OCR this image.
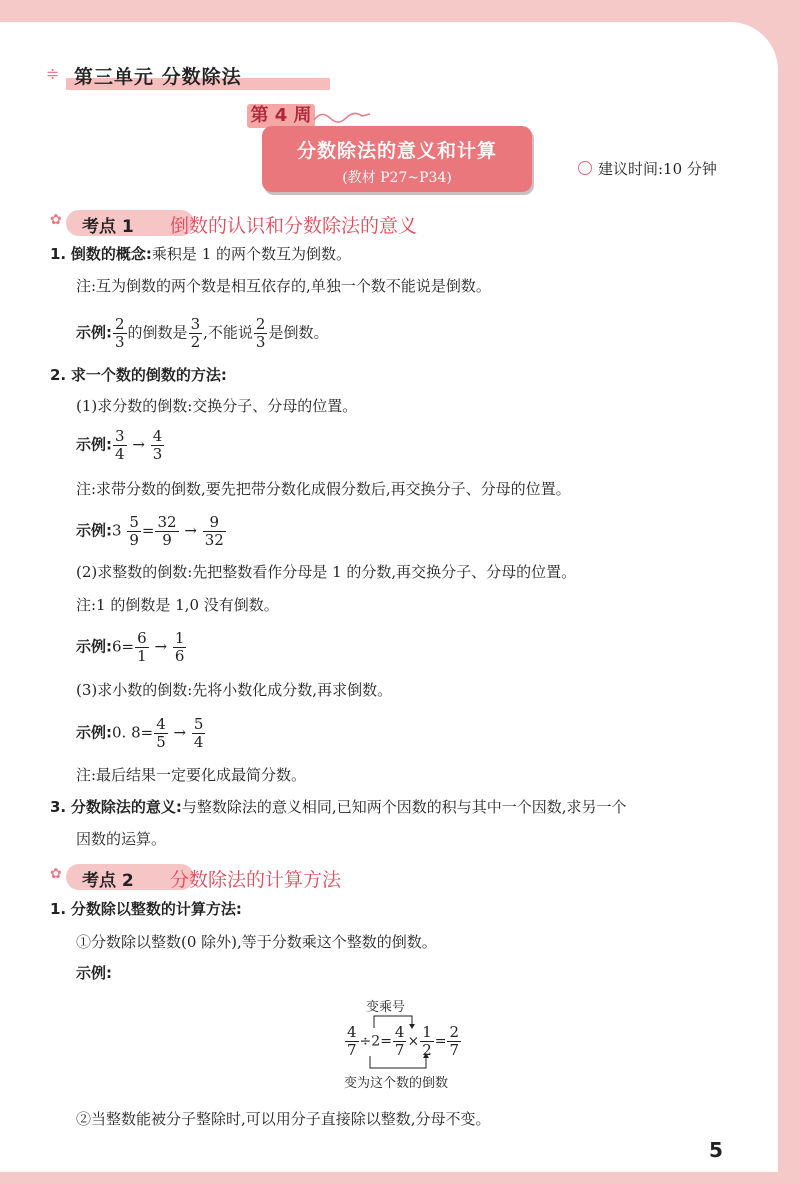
≑ 第三单元 分数除法
第 4 周
分数除法的意义和计算
(教材 P27~P34)	建议时间:10 分钟
✿ 考点 1 倒数的认识和分数除法的意义
1. 倒数的概念:乘积是 1 的两个数互为倒数。
注:互为倒数的两个数是相互依存的,单独一个数不能说是倒数。
示例: $\frac{2}{3}$ 的倒数是 $\frac{3}{2}$ ,不能说 $\frac{2}{3}$ 是倒数。
2. 求一个数的倒数的方法:
(1)求分数的倒数:交换分子、分母的位置。
示例: $\frac{3}{4} \to \frac{4}{3}$
注:求带分数的倒数,要先把带分数化成假分数后,再交换分子、分母的位置。
示例:3 $\frac{5}{9} = \frac{32}{9} \to \frac{9}{32}$
(2)求整数的倒数:先把整数看作分母是 1 的分数,再交换分子、分母的位置。
注:1 的倒数是 1,0 没有倒数。
示例:6= $\frac{6}{1} \to \frac{1}{6}$
(3)求小数的倒数:先将小数化成分数,再求倒数。
示例:0. $8= \frac{4}{5} \to \frac{5}{4}$
注:最后结果一定要化成最简分数。
3. 分数除法的意义:与整数除法的意义相同,已知两个因数的积与其中一个因数,求另一个
因数的运算。
✿ 考点 2 分数除法的计算方法
1. 分数除以整数的计算方法:
①分数除以整数(0 除外),等于分数乘这个整数的倒数。
示例:
变乘号
$\frac{4}{7} \div 2= \frac{4}{7} \times \frac{1}{2} = \frac{2}{7}$
变为这个数的倒数
②当整数能被分子整除时,可以用分子直接除以整数,分母不变。
5
